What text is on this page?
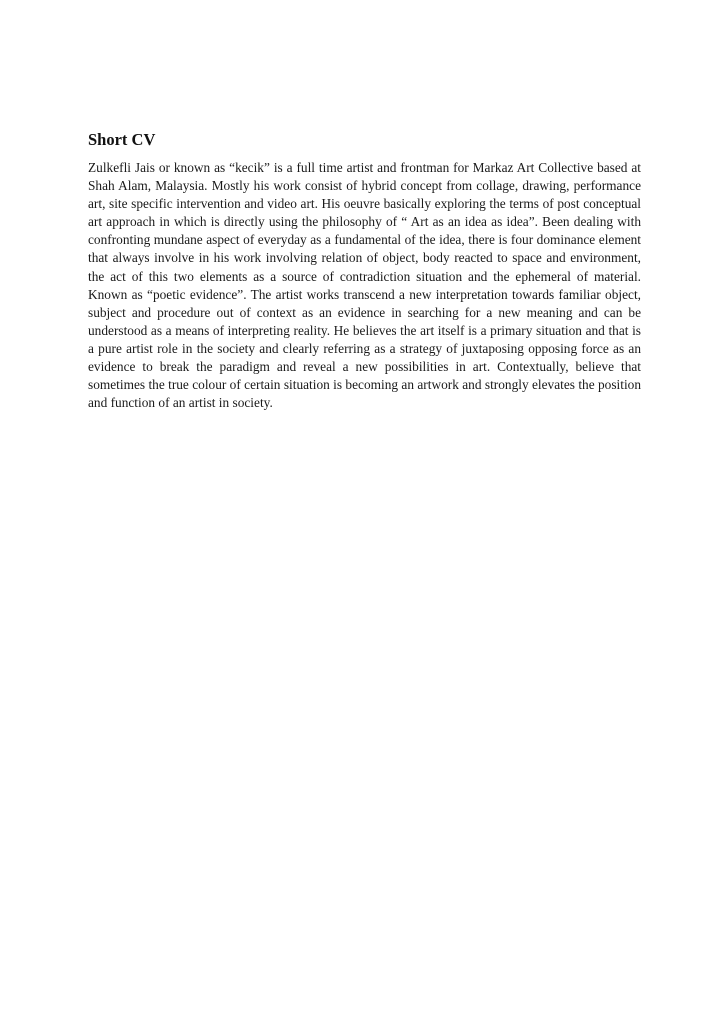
Short CV

Zulkefli Jais or known as “kecik” is a full time artist and frontman for Markaz Art Collective based at Shah Alam, Malaysia. Mostly his work consist of hybrid concept from collage, drawing, performance art, site specific intervention and video art. His oeuvre basically exploring the terms of post conceptual art approach in which is directly using the philosophy of “ Art as an idea as idea”. Been dealing with confronting mundane aspect of everyday as a fundamental of the idea, there is four dominance element that always involve in his work involving relation of object, body reacted to space and environment, the act of this two elements as a source of contradiction situation and the ephemeral of material. Known as “poetic evidence”. The artist works transcend a new interpretation towards familiar object, subject and procedure out of context as an evidence in searching for a new meaning and can be understood as a means of interpreting reality. He believes the art itself is a primary situation and that is a pure artist role in the society and clearly referring as a strategy of juxtaposing opposing force as an evidence to break the paradigm and reveal a new possibilities in art. Contextually, believe that sometimes the true colour of certain situation is becoming an artwork and strongly elevates the position and function of an artist in society.
